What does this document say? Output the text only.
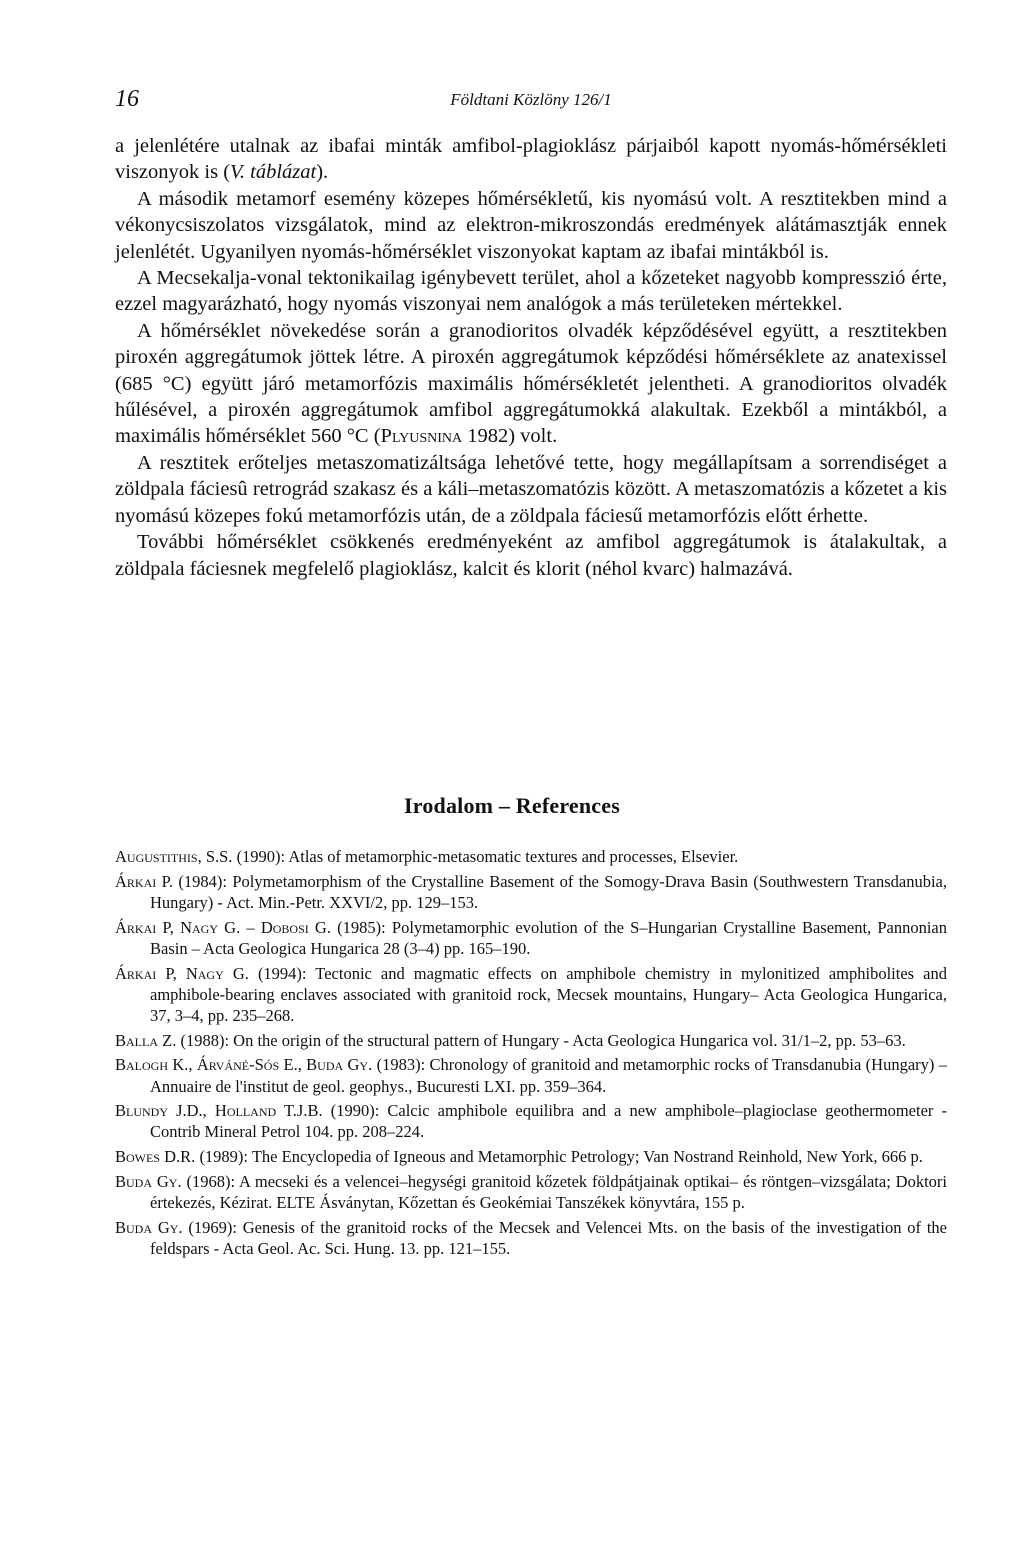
16	Földtani Közlöny 126/1

a jelenlétére utalnak az ibafai minták amfibol-plagioklász párjaiból kapott nyomás-hőmérsékleti viszonyok is (V. táblázat).

A második metamorf esemény közepes hőmérsékletű, kis nyomású volt. A resztitekben mind a vékonycsiszolatos vizsgálatok, mind az elektron-mikroszondás eredmények alátámasztják ennek jelenlétét. Ugyanilyen nyomás-hőmérséklet viszonyokat kaptam az ibafai mintákból is.

A Mecsekalja-vonal tektonikailag igénybevett terület, ahol a kőzeteket nagyobb kompresszió érte, ezzel magyarázható, hogy nyomás viszonyai nem analógok a más területeken mértekkel.

A hőmérséklet növekedése során a granodioritos olvadék képződésével együtt, a resztitekben piroxén aggregátumok jöttek létre. A piroxén aggregátumok képződési hőmérséklete az anatexissel (685 °C) együtt járó metamorfózis maximális hőmérsékletét jelentheti. A granodioritos olvadék hűlésével, a piroxén aggregátumok amfibol aggregátumokká alakultak. Ezekből a mintákból, a maximális hőmérséklet 560 °C (Plyusnina 1982) volt.

A resztitek erőteljes metaszomatizáltsága lehetővé tette, hogy megállapítsam a sorrendiséget a zöldpala fáciesû retrográd szakasz és a káli–metaszomatózis között. A metaszomatózis a kőzetet a kis nyomású közepes fokú metamorfózis után, de a zöldpala fáciesű metamorfózis előtt érhette.

További hőmérséklet csökkenés eredményeként az amfibol aggregátumok is átalakultak, a zöldpala fáciesnek megfelelő plagioklász, kalcit és klorit (néhol kvarc) halmazává.

Irodalom – References
Augustithis, S.S. (1990): Atlas of metamorphic-metasomatic textures and processes, Elsevier.
Árkai P. (1984): Polymetamorphism of the Crystalline Basement of the Somogy-Drava Basin (Southwestern Transdanubia, Hungary) - Act. Min.-Petr. XXVI/2, pp. 129–153.
Árkai P, Nagy G. – Dobosi G. (1985): Polymetamorphic evolution of the S–Hungarian Crystalline Basement, Pannonian Basin – Acta Geologica Hungarica 28 (3–4) pp. 165–190.
Árkai P, Nagy G. (1994): Tectonic and magmatic effects on amphibole chemistry in mylonitized amphibolites and amphibole-bearing enclaves associated with granitoid rock, Mecsek mountains, Hungary– Acta Geologica Hungarica, 37, 3–4, pp. 235–268.
Balla Z. (1988): On the origin of the structural pattern of Hungary - Acta Geologica Hungarica vol. 31/1–2, pp. 53–63.
Balogh K., Árváné-Sós E., Buda Gy. (1983): Chronology of granitoid and metamorphic rocks of Transdanubia (Hungary) – Annuaire de l'institut de geol. geophys., Bucuresti LXI. pp. 359–364.
Blundy J.D., Holland T.J.B. (1990): Calcic amphibole equilibra and a new amphibole–plagioclase geothermometer - Contrib Mineral Petrol 104. pp. 208–224.
Bowes D.R. (1989): The Encyclopedia of Igneous and Metamorphic Petrology; Van Nostrand Reinhold, New York, 666 p.
Buda Gy. (1968): A mecseki és a velencei–hegységi granitoid kőzetek földpátjainak optikai– és röntgen–vizsgálata; Doktori értekezés, Kézirat. ELTE Ásványtan, Kőzettan és Geokémiai Tanszékek könyvtára, 155 p.
Buda Gy. (1969): Genesis of the granitoid rocks of the Mecsek and Velencei Mts. on the basis of the investigation of the feldspars - Acta Geol. Ac. Sci. Hung. 13. pp. 121–155.
